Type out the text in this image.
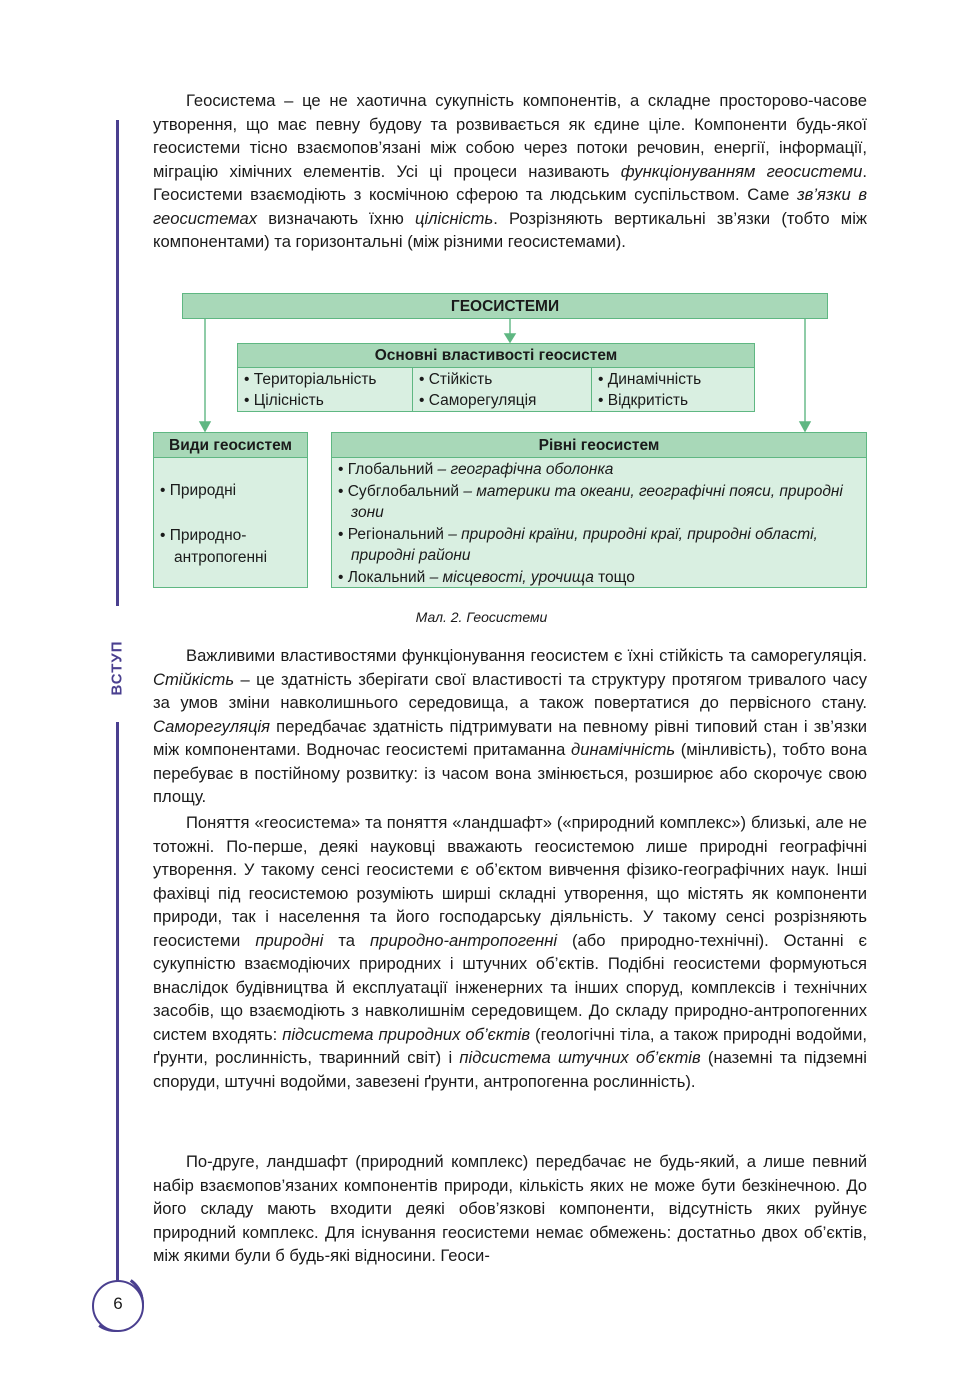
ВСТУП
6

Геосистема – це не хаотична сукупність компонентів, а складне просторово-часове утворення, що має певну будову та розвивається як єдине ціле. Компоненти будь-якої геосистеми тісно взаємопов’язані між собою через потоки речовин, енергії, інформації, міграцію хімічних елементів. Усі ці процеси називають функціонуванням геосистеми. Геосистеми взаємодіють з космічною сферою та людським суспільством. Саме зв’язки в геосистемах визначають їхню цілісність. Розрізняють вертикальні зв’язки (тобто між компонентами) та горизонтальні (між різними геосистемами).

ГЕОСИСТЕМИ
Основні властивості геосистем
• Територіальність
• Цілісність
• Стійкість
• Саморегуляція
• Динамічність
• Відкритість
Види геосистем
• Природні
• Природно-антропогенні
Рівні геосистем
• Глобальний – географічна оболонка
• Субглобальний – материки та океани, географічні пояси, природні зони
• Регіональний – природні країни, природні краї, природні області, природні райони
• Локальний – місцевості, урочища тощо
Мал. 2. Геосистеми

Важливими властивостями функціонування геосистем є їхні стійкість та саморегуляція. Стійкість – це здатність зберігати свої властивості та структуру протягом тривалого часу за умов зміни навколишнього середовища, а також повертатися до первісного стану. Саморегуляція передбачає здатність підтримувати на певному рівні типовий стан і зв’язки між компонентами. Водночас геосистемі притаманна динамічність (мінливість), тобто вона перебуває в постійному розвитку: із часом вона змінюється, розширює або скорочує свою площу.

Поняття «геосистема» та поняття «ландшафт» («природний комплекс») близькі, але не тотожні. По-перше, деякі науковці вважають геосистемою лише природні географічні утворення. У такому сенсі геосистеми є об’єктом вивчення фізико-географічних наук. Інші фахівці під геосистемою розуміють ширші складні утворення, що містять як компоненти природи, так і населення та його господарську діяльність. У такому сенсі розрізняють геосистеми природні та природно-антропогенні (або природно-технічні). Останні є сукупністю взаємодіючих природних і штучних об’єктів. Подібні геосистеми формуються внаслідок будівництва й експлуатації інженерних та інших споруд, комплексів і технічних засобів, що взаємодіють з навколишнім середовищем. До складу природно-антропогенних систем входять: підсистема природних об’єктів (геологічні тіла, а також природні водойми, ґрунти, рослинність, тваринний світ) і підсистема штучних об’єктів (наземні та підземні споруди, штучні водойми, завезені ґрунти, антропогенна рослинність).

По-друге, ландшафт (природний комплекс) передбачає не будь-який, а лише певний набір взаємопов’язаних компонентів природи, кількість яких не може бути безкінечною. До його складу мають входити деякі обов’язкові компоненти, відсутність яких руйнує природний комплекс. Для існування геосистеми немає обмежень: достатньо двох об’єктів, між якими були б будь-які відносини. Геоси-
